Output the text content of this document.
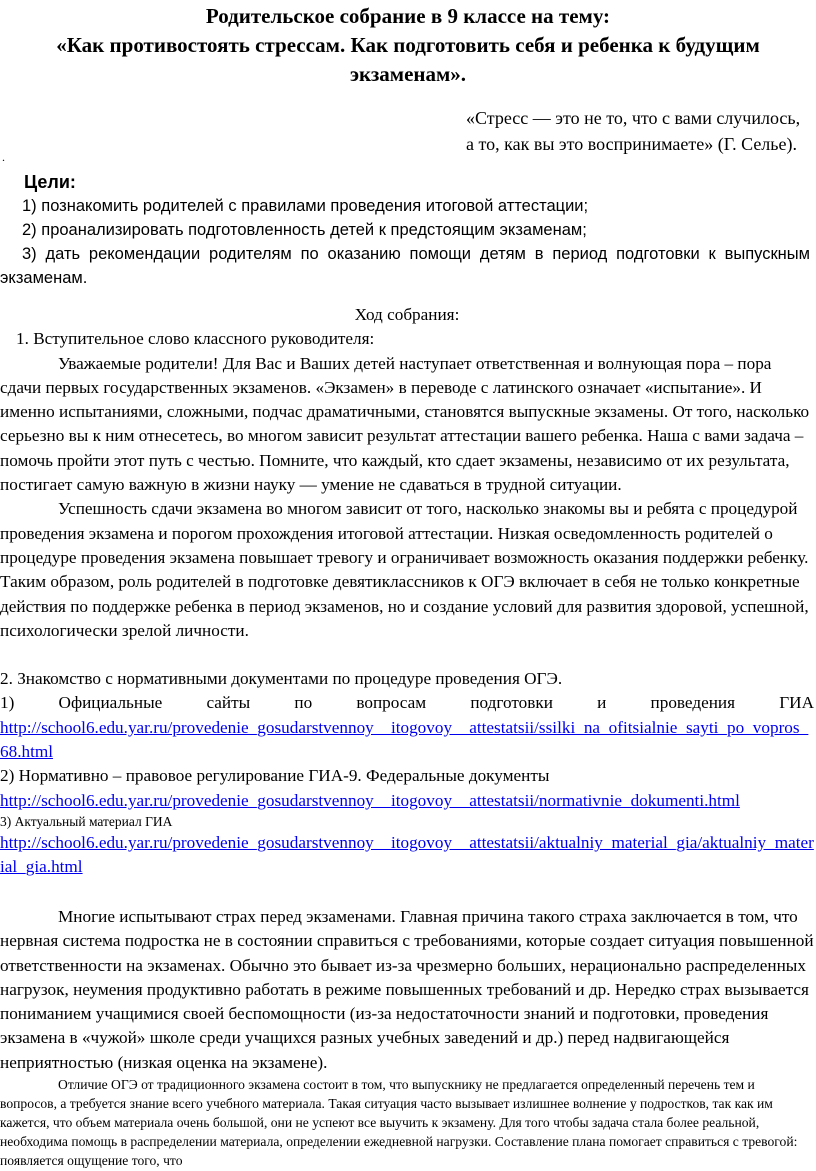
Родительское собрание в 9 классе на тему:
«Как противостоять стрессам. Как подготовить себя и ребенка к будущим экзаменам».
«Стресс — это не то, что с вами случилось,
а то, как вы это воспринимаете» (Г. Селье).
.
Цели:
1) познакомить родителей с правилами проведения итоговой аттестации;
2) проанализировать подготовленность детей к предстоящим экзаменам;
3) дать рекомендации родителям по оказанию помощи детям в период подготовки к выпускным экзаменам.
Ход собрания:
1. Вступительное слово классного руководителя:
Уважаемые родители! Для Вас и Ваших детей наступает ответственная и волнующая пора – пора сдачи первых государственных экзаменов. «Экзамен» в переводе с латинского означает «испытание». И именно испытаниями, сложными, подчас драматичными, становятся выпускные экзамены. От того, насколько серьезно вы к ним отнесетесь, во многом зависит результат аттестации вашего ребенка. Наша с вами задача – помочь пройти этот путь с честью. Помните, что каждый, кто сдает экзамены, независимо от их результата, постигает самую важную в жизни науку — умение не сдаваться в трудной ситуации.
Успешность сдачи экзамена во многом зависит от того, насколько знакомы вы и ребята с процедурой проведения экзамена и порогом прохождения итоговой аттестации. Низкая осведомленность родителей о процедуре проведения экзамена повышает тревогу и ограничивает возможность оказания поддержки ребенку. Таким образом, роль родителей в подготовке девятиклассников к ОГЭ включает в себя не только конкретные действия по поддержке ребенка в период экзаменов, но и создание условий для развития здоровой, успешной, психологически зрелой личности.
2. Знакомство с нормативными документами по процедуре проведения ОГЭ.
1)	Официальные	сайты	по	вопросам	подготовки	и	проведения	ГИА
http://school6.edu.yar.ru/provedenie_gosudarstvennoy__itogovoy__attestatsii/ssilki_na_ofitsialnie_sayti_po_vopros_68.html
2) Нормативно – правовое регулирование ГИА-9. Федеральные документы
http://school6.edu.yar.ru/provedenie_gosudarstvennoy__itogovoy__attestatsii/normativnie_dokumenti.html
3) Актуальный материал ГИА
http://school6.edu.yar.ru/provedenie_gosudarstvennoy__itogovoy__attestatsii/aktualniy_material_gia/aktualniy_material_gia.html
Многие испытывают страх перед экзаменами. Главная причина такого страха заключается в том, что нервная система подростка не в состоянии справиться с требованиями, которые создает ситуация повышенной ответственности на экзаменах. Обычно это бывает из-за чрезмерно больших, нерационально распределенных нагрузок, неумения продуктивно работать в режиме повышенных требований и др. Нередко страх вызывается пониманием учащимися своей беспомощности (из-за недостаточности знаний и подготовки, проведения экзамена в «чужой» школе среди учащихся разных учебных заведений и др.) перед надвигающейся неприятностью (низкая оценка на экзамене).
Отличие ОГЭ от традиционного экзамена состоит в том, что выпускнику не предлагается определенный перечень тем и вопросов, а требуется знание всего учебного материала. Такая ситуация часто вызывает излишнее волнение у подростков, так как им кажется, что объем материала очень большой, они не успеют все выучить к экзамену. Для того чтобы задача стала более реальной, необходима помощь в распределении материала, определении ежедневной нагрузки. Составление плана помогает справиться с тревогой: появляется ощущение того, что
